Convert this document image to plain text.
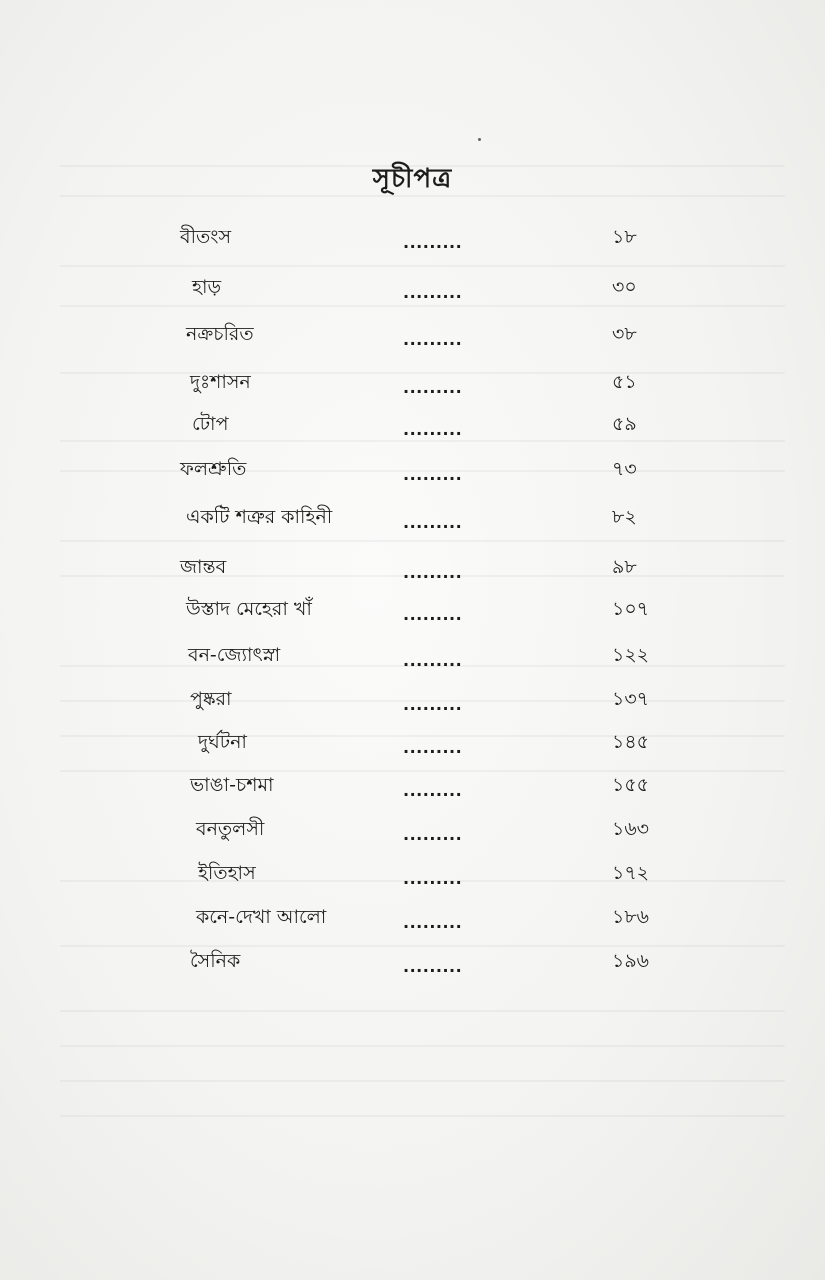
সূচীপত্র
বীতংস	.........	১৮
হাড়	.........	৩০
নক্রচরিত	.........	৩৮
দুঃশাসন	.........	৫১
টোপ	.........	৫৯
ফলশ্রুতি	.........	৭৩
একটি শত্রুর কাহিনী	.........	৮২
জান্তব	.........	৯৮
উস্তাদ মেহেরা খাঁ	.........	১০৭
বন-জ্যোৎস্না	.........	১২২
পুষ্করা	.........	১৩৭
দুর্ঘটনা	.........	১৪৫
ভাঙা-চশমা	.........	১৫৫
বনতুলসী	.........	১৬৩
ইতিহাস	.........	১৭২
কনে-দেখা আলো	.........	১৮৬
সৈনিক	.........	১৯৬
